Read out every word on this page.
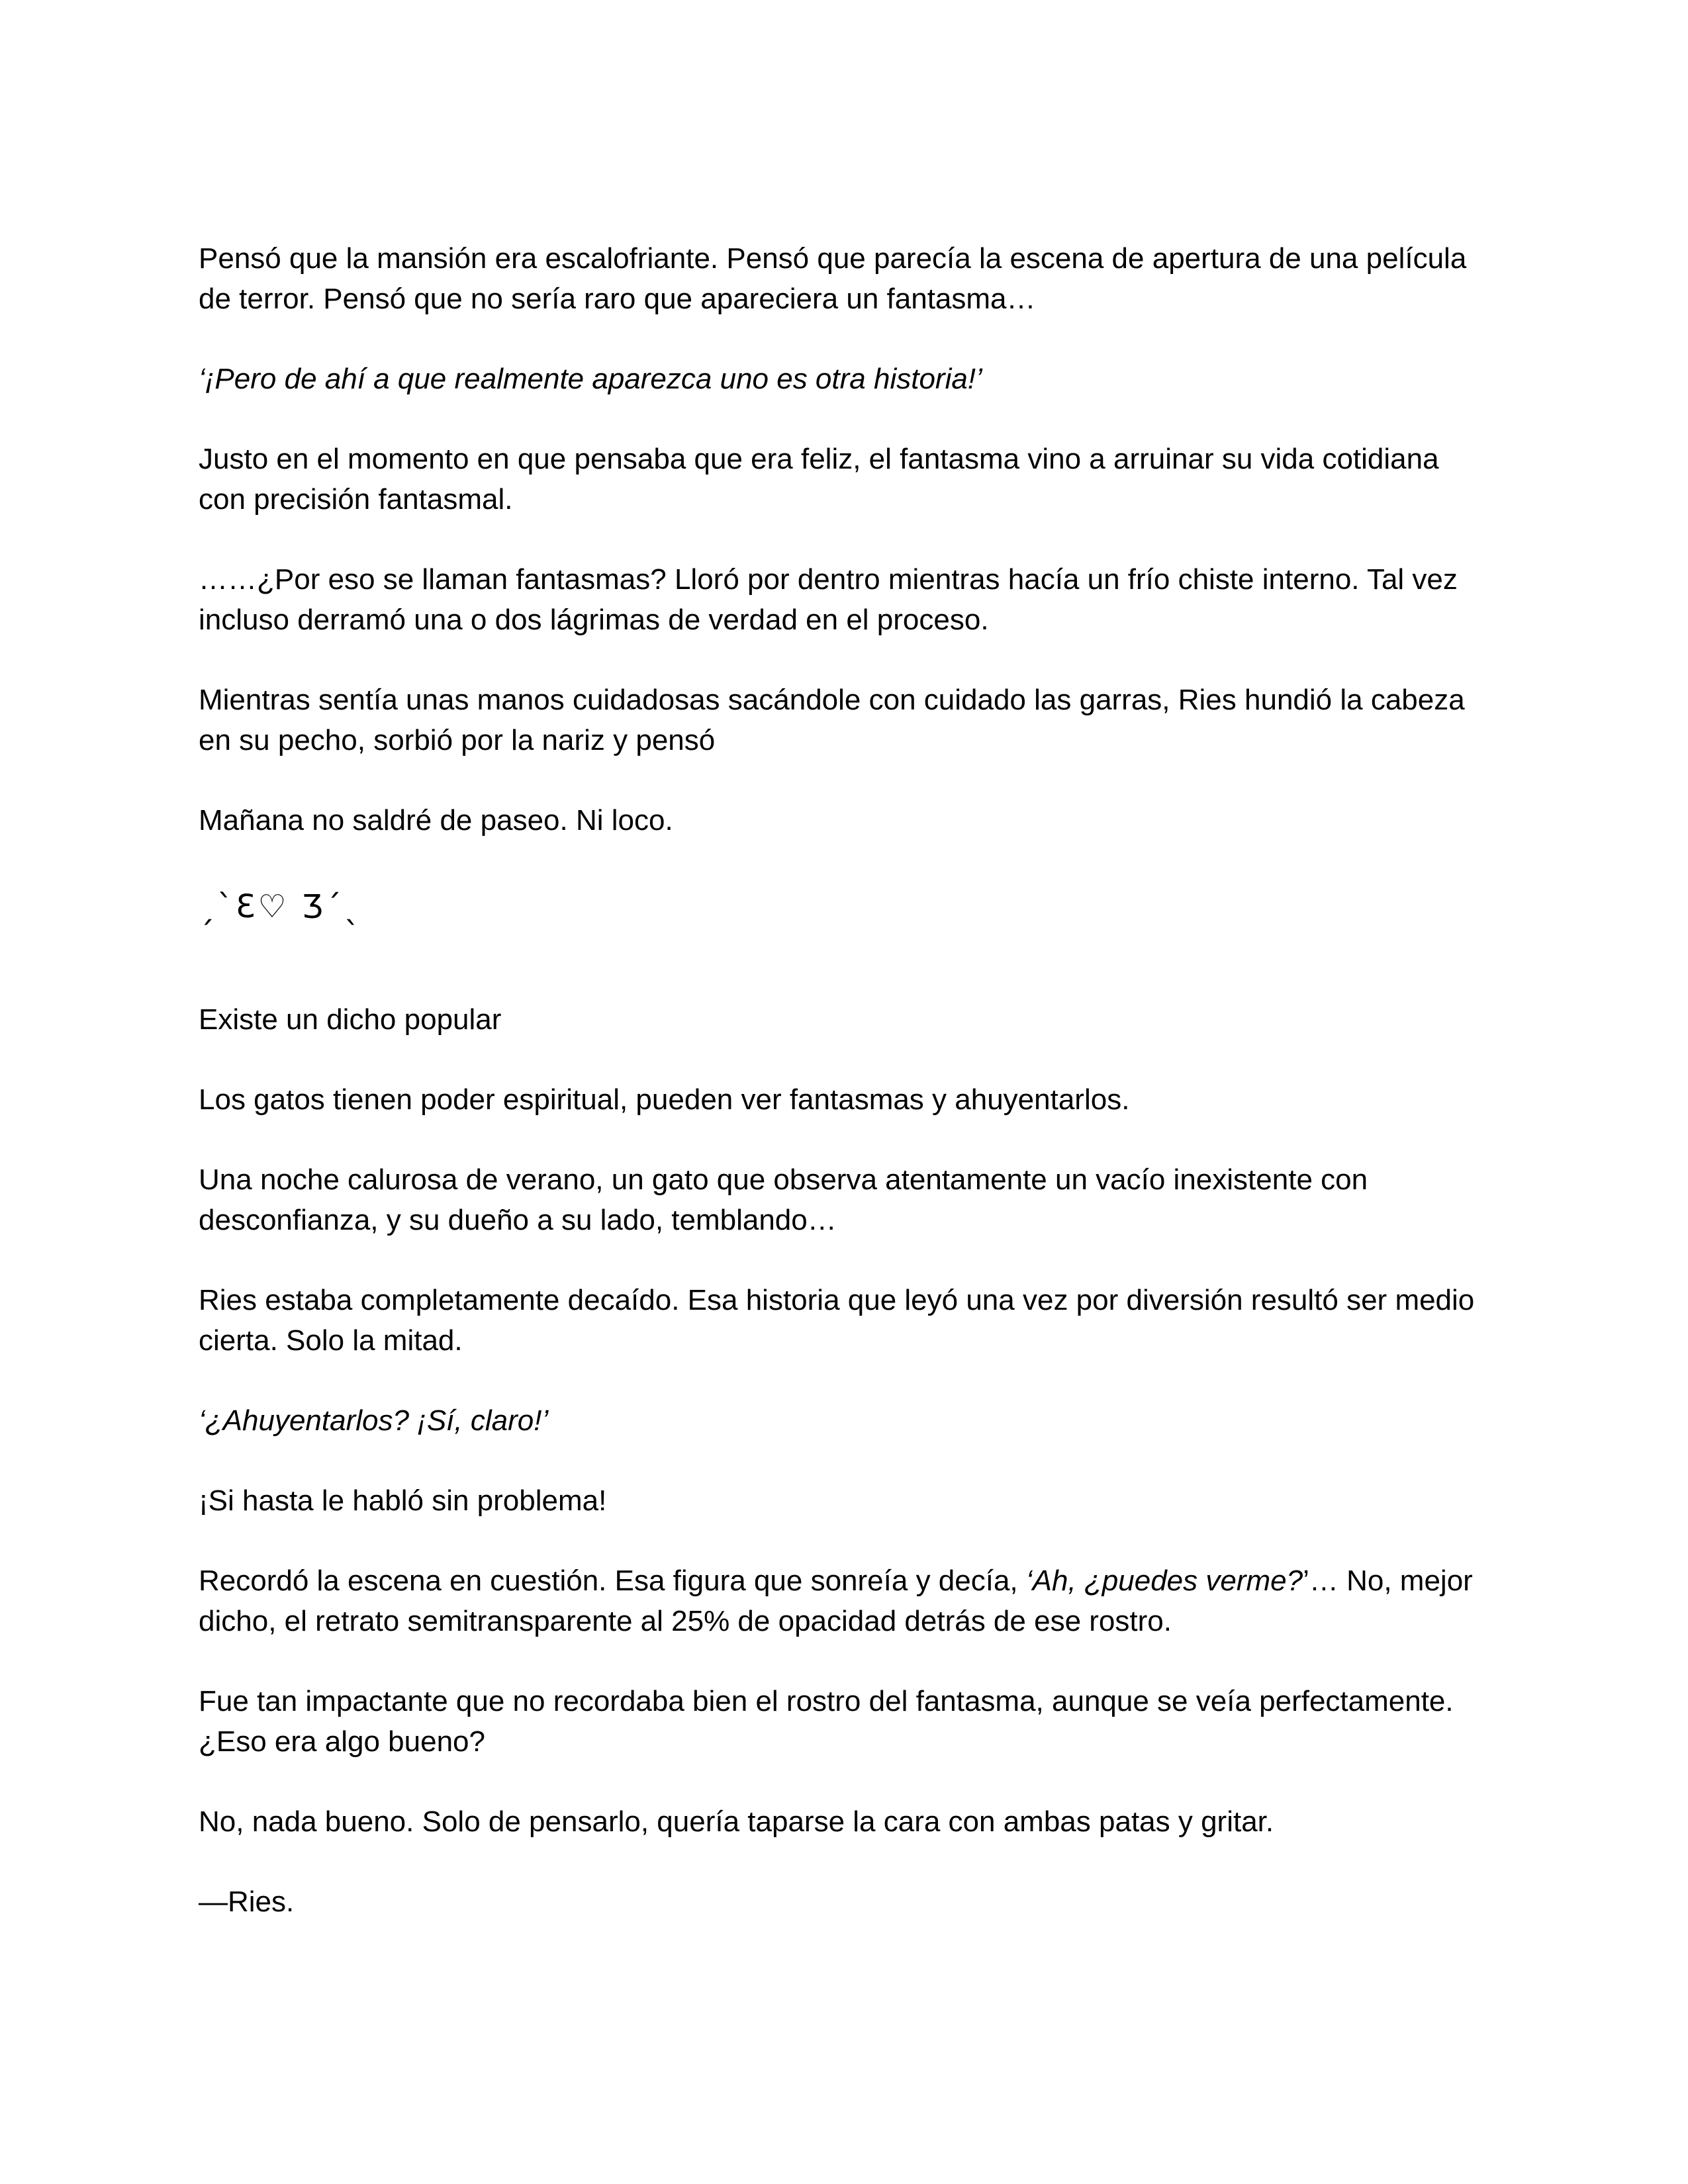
Pensó que la mansión era escalofriante. Pensó que parecía la escena de apertura de una película de terror. Pensó que no sería raro que apareciera un fantasma…

‘¡Pero de ahí a que realmente aparezca uno es otra historia!’

Justo en el momento en que pensaba que era feliz, el fantasma vino a arruinar su vida cotidiana con precisión fantasmal.

……¿Por eso se llaman fantasmas? Lloró por dentro mientras hacía un frío chiste interno. Tal vez incluso derramó una o dos lágrimas de verdad en el proceso.

Mientras sentía unas manos cuidadosas sacándole con cuidado las garras, Ries hundió la cabeza en su pecho, sorbió por la nariz y pensó

Mañana no saldré de paseo. Ni loco.

ˏˋƐ♡ Ʒˊˎ

Existe un dicho popular

Los gatos tienen poder espiritual, pueden ver fantasmas y ahuyentarlos.

Una noche calurosa de verano, un gato que observa atentamente un vacío inexistente con desconfianza, y su dueño a su lado, temblando…

Ries estaba completamente decaído. Esa historia que leyó una vez por diversión resultó ser medio cierta. Solo la mitad.

‘¿Ahuyentarlos? ¡Sí, claro!’

¡Si hasta le habló sin problema!

Recordó la escena en cuestión. Esa figura que sonreía y decía, ‘Ah, ¿puedes verme?’… No, mejor dicho, el retrato semitransparente al 25% de opacidad detrás de ese rostro.

Fue tan impactante que no recordaba bien el rostro del fantasma, aunque se veía perfectamente. ¿Eso era algo bueno?

No, nada bueno. Solo de pensarlo, quería taparse la cara con ambas patas y gritar.

—Ries.
